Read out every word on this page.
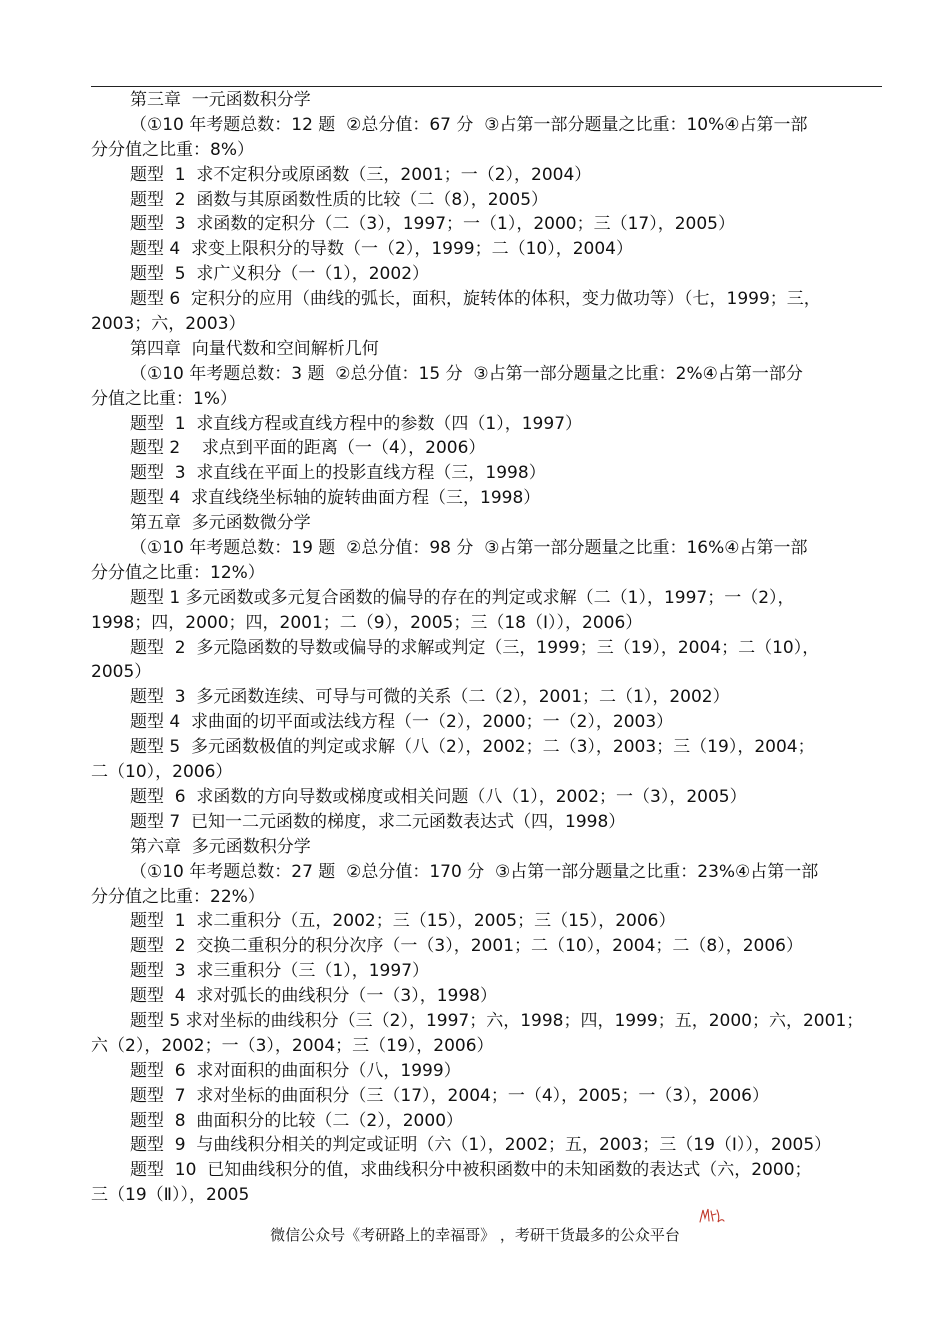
第三章  一元函数积分学
（①10 年考题总数：12 题  ②总分值：67 分  ③占第一部分题量之比重：10%④占第一部
分分值之比重：8%）
题型  1  求不定积分或原函数（三，2001；一（2），2004）
题型  2  函数与其原函数性质的比较（二（8），2005）
题型  3  求函数的定积分（二（3），1997；一（1），2000；三（17），2005）
题型 4  求变上限积分的导数（一（2），1999；二（10），2004）
题型  5  求广义积分（一（1），2002）
题型 6  定积分的应用（曲线的弧长，面积，旋转体的体积，变力做功等）（七，1999；三，
2003；六，2003）
第四章  向量代数和空间解析几何
（①10 年考题总数：3 题  ②总分值：15 分  ③占第一部分题量之比重：2%④占第一部分
分值之比重：1%）
题型  1  求直线方程或直线方程中的参数（四（1），1997）
题型 2    求点到平面的距离（一（4），2006）
题型  3  求直线在平面上的投影直线方程（三，1998）
题型 4  求直线绕坐标轴的旋转曲面方程（三，1998）
第五章  多元函数微分学
（①10 年考题总数：19 题  ②总分值：98 分  ③占第一部分题量之比重：16%④占第一部
分分值之比重：12%）
题型 1 多元函数或多元复合函数的偏导的存在的判定或求解（二（1），1997；一（2），
1998；四，2000；四，2001；二（9），2005；三（18（Ⅰ）），2006）
题型  2  多元隐函数的导数或偏导的求解或判定（三，1999；三（19），2004；二（10），
2005）
题型  3  多元函数连续、可导与可微的关系（二（2），2001；二（1），2002）
题型 4  求曲面的切平面或法线方程（一（2），2000；一（2），2003）
题型 5  多元函数极值的判定或求解（八（2），2002；二（3），2003；三（19），2004；
二（10），2006）
题型  6  求函数的方向导数或梯度或相关问题（八（1），2002；一（3），2005）
题型 7  已知一二元函数的梯度，求二元函数表达式（四，1998）
第六章  多元函数积分学
（①10 年考题总数：27 题  ②总分值：170 分  ③占第一部分题量之比重：23%④占第一部
分分值之比重：22%）
题型  1  求二重积分（五，2002；三（15），2005；三（15），2006）
题型  2  交换二重积分的积分次序（一（3），2001；二（10），2004；二（8），2006）
题型  3  求三重积分（三（1），1997）
题型  4  求对弧长的曲线积分（一（3），1998）
题型 5 求对坐标的曲线积分（三（2），1997；六，1998；四，1999；五，2000；六，2001；
六（2），2002；一（3），2004；三（19），2006）
题型  6  求对面积的曲面积分（八，1999）
题型  7  求对坐标的曲面积分（三（17），2004；一（4），2005；一（3），2006）
题型  8  曲面积分的比较（二（2），2000）
题型  9  与曲线积分相关的判定或证明（六（1），2002；五，2003；三（19（Ⅰ）），2005）
题型  10  已知曲线积分的值，求曲线积分中被积函数中的未知函数的表达式（六，2000；
三（19（Ⅱ）），2005
微信公众号《考研路上的幸福哥》 ，考研干货最多的公众平台
